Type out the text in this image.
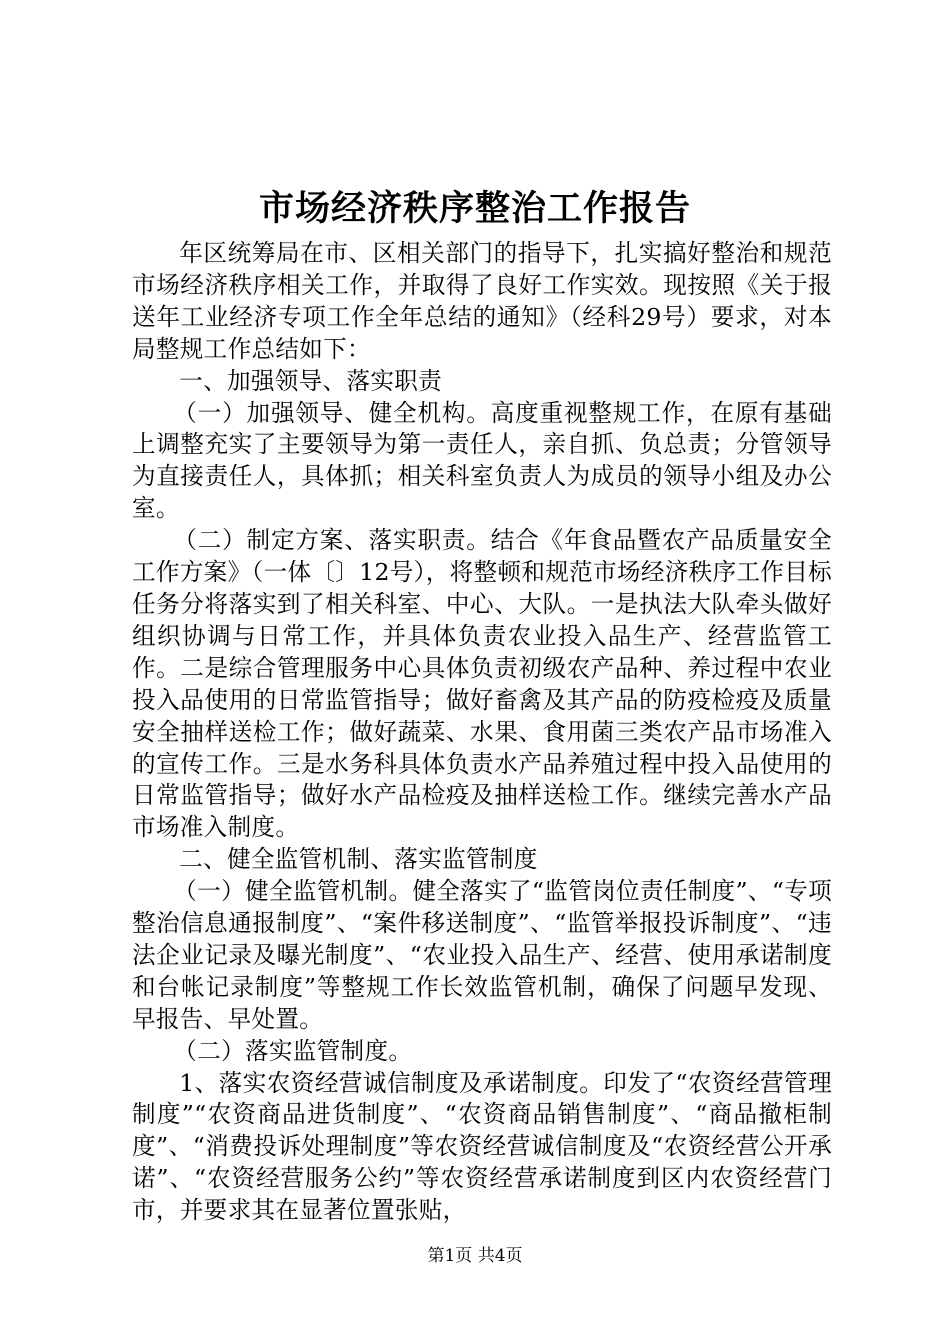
市场经济秩序整治工作报告

年区统筹局在市、区相关部门的指导下，扎实搞好整治和规范市场经济秩序相关工作，并取得了良好工作实效。现按照《关于报送年工业经济专项工作全年总结的通知》（经科29号）要求，对本局整规工作总结如下：

一、加强领导、落实职责

（一）加强领导、健全机构。高度重视整规工作，在原有基础上调整充实了主要领导为第一责任人，亲自抓、负总责；分管领导为直接责任人，具体抓；相关科室负责人为成员的领导小组及办公室。

（二）制定方案、落实职责。结合《年食品暨农产品质量安全工作方案》（一体〔〕12号），将整顿和规范市场经济秩序工作目标任务分将落实到了相关科室、中心、大队。一是执法大队牵头做好组织协调与日常工作，并具体负责农业投入品生产、经营监管工作。二是综合管理服务中心具体负责初级农产品种、养过程中农业投入品使用的日常监管指导；做好畜禽及其产品的防疫检疫及质量安全抽样送检工作；做好蔬菜、水果、食用菌三类农产品市场准入的宣传工作。三是水务科具体负责水产品养殖过程中投入品使用的日常监管指导；做好水产品检疫及抽样送检工作。继续完善水产品市场准入制度。

二、健全监管机制、落实监管制度

（一）健全监管机制。健全落实了“监管岗位责任制度”、“专项整治信息通报制度”、“案件移送制度”、“监管举报投诉制度”、“违法企业记录及曝光制度”、“农业投入品生产、经营、使用承诺制度和台帐记录制度”等整规工作长效监管机制，确保了问题早发现、早报告、早处置。

（二）落实监管制度。

1、落实农资经营诚信制度及承诺制度。印发了“农资经营管理制度”“农资商品进货制度”、“农资商品销售制度”、“商品撤柜制度”、“消费投诉处理制度”等农资经营诚信制度及“农资经营公开承诺”、“农资经营服务公约”等农资经营承诺制度到区内农资经营门市，并要求其在显著位置张贴，

第1页 共4页
